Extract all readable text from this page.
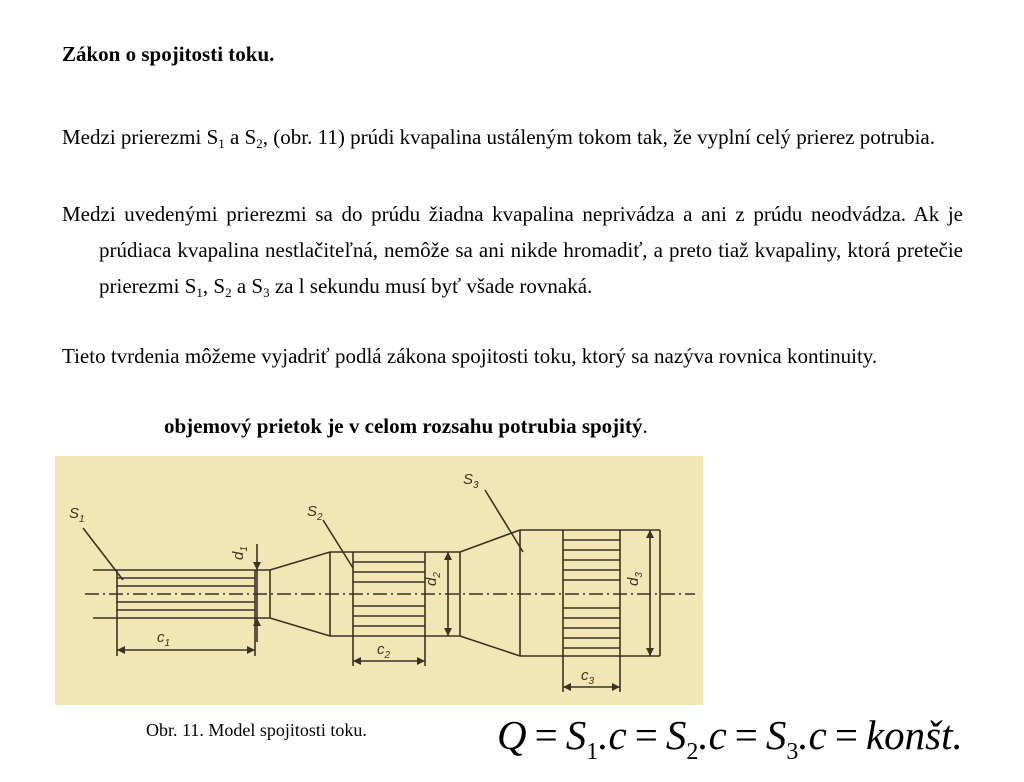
Zákon o spojitosti toku.
Medzi prierezmi $S_1$ a $S_2$, (obr. 11) prúdi kvapalina ustáleným tokom tak, že vyplní celý prierez potrubia.
Medzi uvedenými prierezmi sa do prúdu žiadna kvapalina neprivádza a ani z prúdu neodvádza. Ak je prúdiaca kvapalina nestlačiteľná, nemôže sa ani nikde hromadiť, a preto tiaž kvapaliny, ktorá pretečie prierezmi $S_1$, $S_2$ a $S_3$ za l sekundu musí byť všade rovnaká.
Tieto tvrdenia môžeme vyjadriť podlá zákona spojitosti toku, ktorý sa nazýva rovnica kontinuity.
objemový prietok je v celom rozsahu potrubia spojitý.
$S_1$	$S_2$
$S_3$
$d_1$
$d_2$
$d_3$
$c_1$	$c_2$
$c_3$
Obr. 11. Model spojitosti toku.	$Q = S_1.c = S_2.c = S_3.c$ = konšt.
